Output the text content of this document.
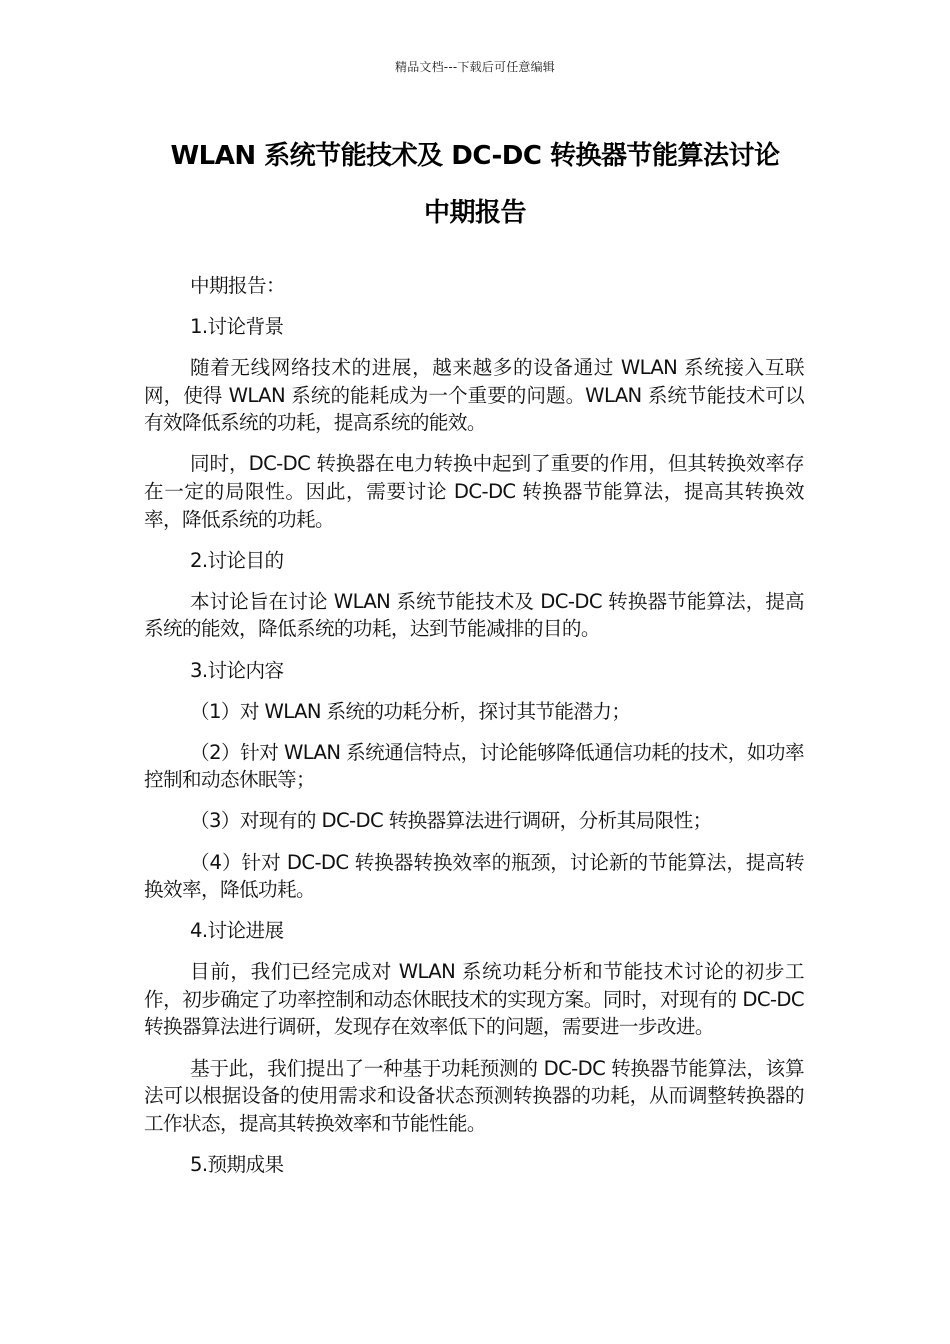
精品文档---下载后可任意编辑
WLAN 系统节能技术及 DC-DC 转换器节能算法讨论
中期报告

中期报告：

1.讨论背景

随着无线网络技术的进展，越来越多的设备通过 WLAN 系统接入互联网，使得 WLAN 系统的能耗成为一个重要的问题。WLAN 系统节能技术可以有效降低系统的功耗，提高系统的能效。

同时，DC-DC 转换器在电力转换中起到了重要的作用，但其转换效率存在一定的局限性。因此，需要讨论 DC-DC 转换器节能算法，提高其转换效率，降低系统的功耗。

2.讨论目的

本讨论旨在讨论 WLAN 系统节能技术及 DC-DC 转换器节能算法，提高系统的能效，降低系统的功耗，达到节能减排的目的。

3.讨论内容

（1）对 WLAN 系统的功耗分析，探讨其节能潜力；

（2）针对 WLAN 系统通信特点，讨论能够降低通信功耗的技术，如功率控制和动态休眠等；

（3）对现有的 DC-DC 转换器算法进行调研，分析其局限性；

（4）针对 DC-DC 转换器转换效率的瓶颈，讨论新的节能算法，提高转换效率，降低功耗。

4.讨论进展

目前，我们已经完成对 WLAN 系统功耗分析和节能技术讨论的初步工作，初步确定了功率控制和动态休眠技术的实现方案。同时，对现有的 DC-DC 转换器算法进行调研，发现存在效率低下的问题，需要进一步改进。

基于此，我们提出了一种基于功耗预测的 DC-DC 转换器节能算法，该算法可以根据设备的使用需求和设备状态预测转换器的功耗，从而调整转换器的工作状态，提高其转换效率和节能性能。

5.预期成果
